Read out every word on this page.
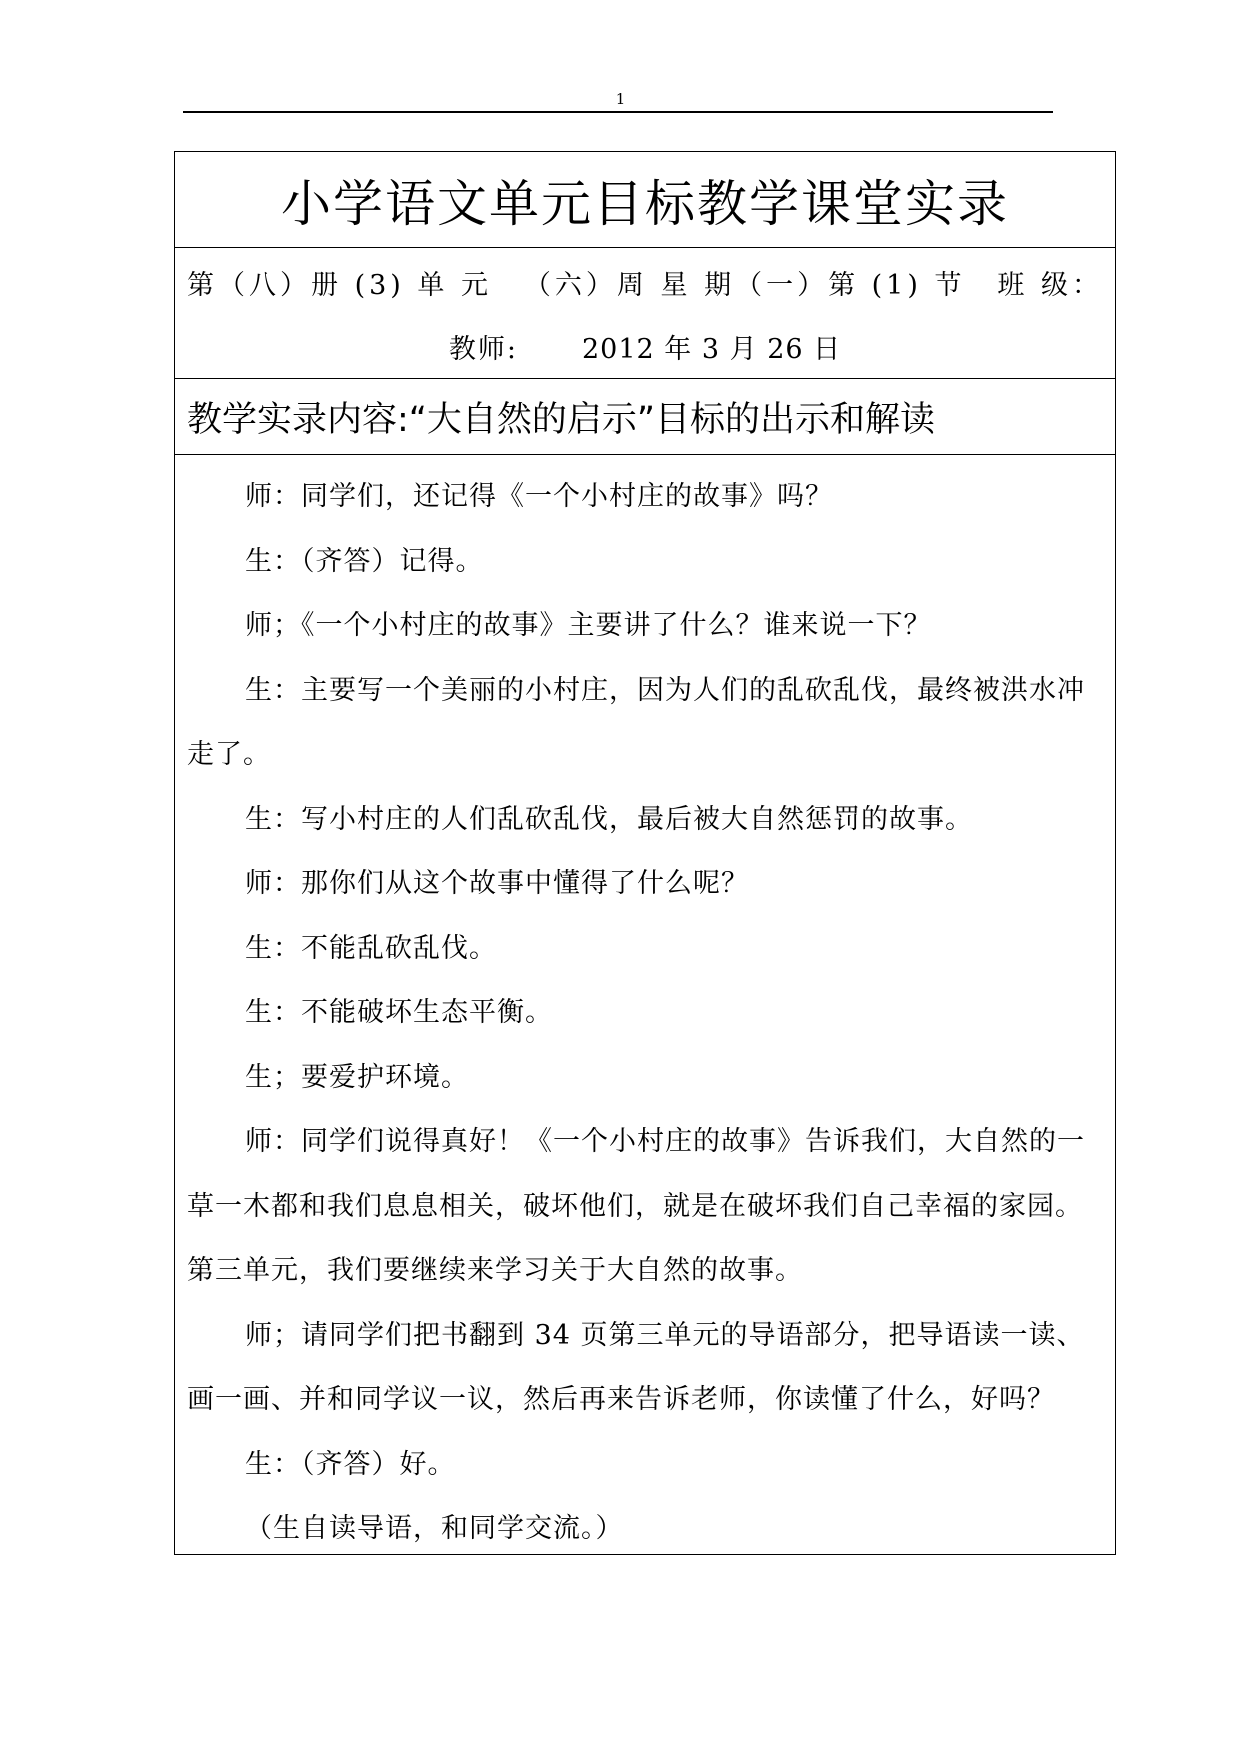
1
小学语文单元目标教学课堂实录
第（八）册 (3) 单 元 （六）周 星 期（一）第 (1) 节 班 级：
教师: 2012 年 3 月 26 日
教学实录内容:“大自然的启示”目标的出示和解读

师：同学们，还记得《一个小村庄的故事》吗？

生：（齐答）记得。

师；《一个小村庄的故事》主要讲了什么？谁来说一下？

生：主要写一个美丽的小村庄，因为人们的乱砍乱伐，最终被洪水冲走了。

生：写小村庄的人们乱砍乱伐，最后被大自然惩罚的故事。

师：那你们从这个故事中懂得了什么呢？

生：不能乱砍乱伐。

生：不能破坏生态平衡。

生；要爱护环境。

师：同学们说得真好！《一个小村庄的故事》告诉我们，大自然的一草一木都和我们息息相关，破坏他们，就是在破坏我们自己幸福的家园。第三单元，我们要继续来学习关于大自然的故事。

师；请同学们把书翻到 34 页第三单元的导语部分，把导语读一读、画一画、并和同学议一议，然后再来告诉老师，你读懂了什么，好吗？

生：（齐答）好。

（生自读导语，和同学交流。）
